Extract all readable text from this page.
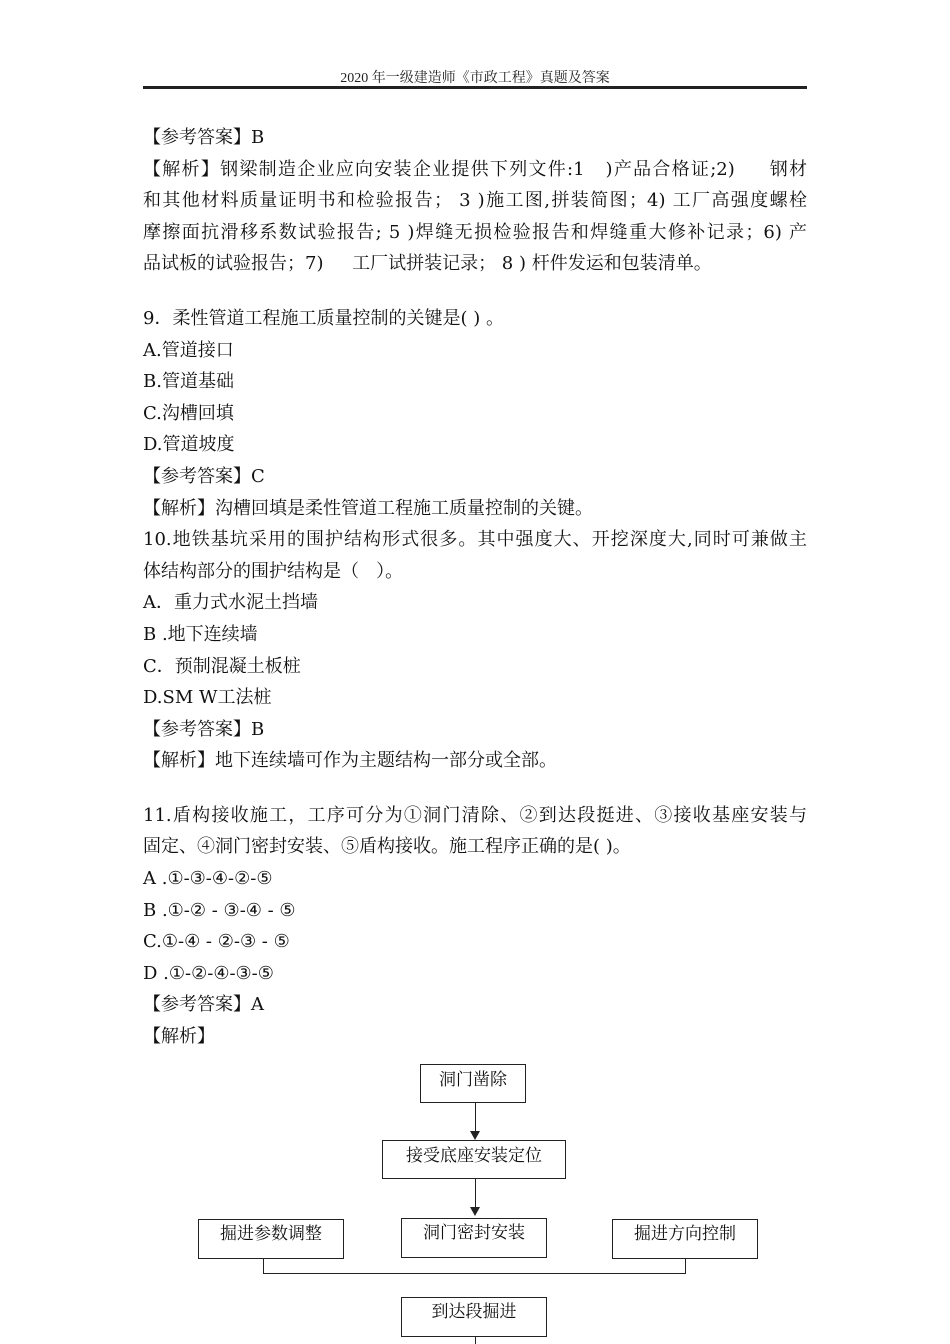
2020 年一级建造师《市政工程》真题及答案
【参考答案】B
【解析】钢梁制造企业应向安装企业提供下列文件:1   )产品合格证;2)     钢材
和其他材料质量证明书和检验报告； 3 )施工图,拼装简图；4) 工厂高强度螺栓
摩擦面抗滑移系数试验报告; 5 )焊缝无损检验报告和焊缝重大修补记录；6) 产
品试板的试验报告；7)     工厂试拼装记录； 8 ) 杆件发运和包装清单。
9．柔性管道工程施工质量控制的关键是( ) 。
A.管道接口
B.管道基础
C.沟槽回填
D.管道坡度
【参考答案】C
【解析】沟槽回填是柔性管道工程施工质量控制的关键。
10.地铁基坑采用的围护结构形式很多。其中强度大、开挖深度大,同时可兼做主
体结构部分的围护结构是（   ）。
A．重力式水泥土挡墙
B .地下连续墙
C．预制混凝土板桩
D.SM W工法桩
【参考答案】B
【解析】地下连续墙可作为主题结构一部分或全部。
11.盾构接收施工，工序可分为①洞门清除、②到达段挺进、③接收基座安装与
固定、④洞门密封安装、⑤盾构接收。施工程序正确的是( )。
A .①-③-④-②-⑤
B .①-② - ③-④ - ⑤
C.①-④ - ②-③ - ⑤
D .①-②-④-③-⑤
【参考答案】A
【解析】
洞门凿除
接受底座安装定位
掘进参数调整	洞门密封安装	掘进方向控制
到达段掘进
